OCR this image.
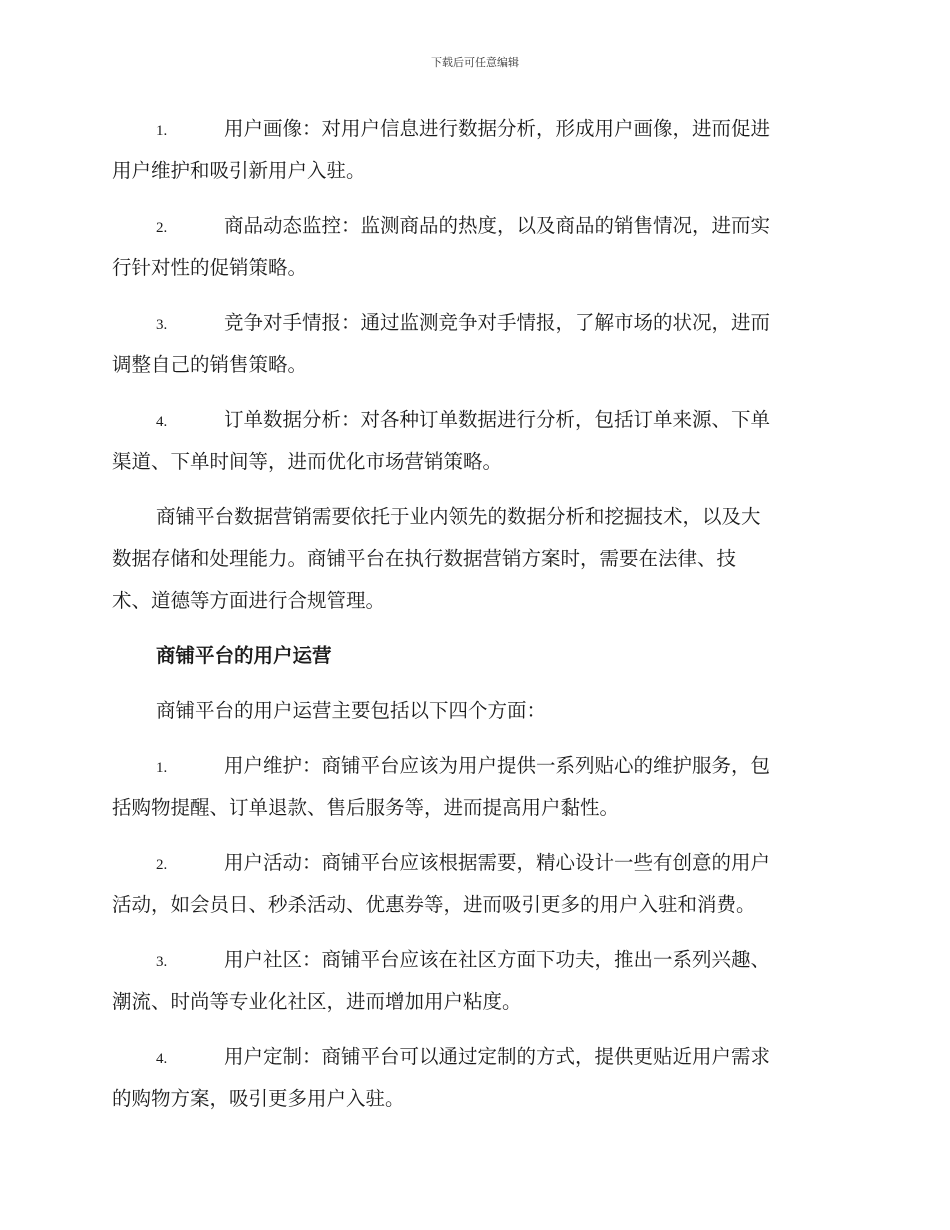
下载后可任意编辑
1.	用户画像：对用户信息进行数据分析，形成用户画像，进而促进
用户维护和吸引新用户入驻。
2.	商品动态监控：监测商品的热度，以及商品的销售情况，进而实
行针对性的促销策略。
3.	竞争对手情报：通过监测竞争对手情报，了解市场的状况，进而
调整自己的销售策略。
4.	订单数据分析：对各种订单数据进行分析，包括订单来源、下单
渠道、下单时间等，进而优化市场营销策略。
商铺平台数据营销需要依托于业内领先的数据分析和挖掘技术，以及大
数据存储和处理能力。商铺平台在执行数据营销方案时，需要在法律、技
术、道德等方面进行合规管理。
商铺平台的用户运营
商铺平台的用户运营主要包括以下四个方面：
1.	用户维护：商铺平台应该为用户提供一系列贴心的维护服务，包
括购物提醒、订单退款、售后服务等，进而提高用户黏性。
2.	用户活动：商铺平台应该根据需要，精心设计一些有创意的用户
活动，如会员日、秒杀活动、优惠券等，进而吸引更多的用户入驻和消费。
3.	用户社区：商铺平台应该在社区方面下功夫，推出一系列兴趣、
潮流、时尚等专业化社区，进而增加用户粘度。
4.	用户定制：商铺平台可以通过定制的方式，提供更贴近用户需求
的购物方案，吸引更多用户入驻。
